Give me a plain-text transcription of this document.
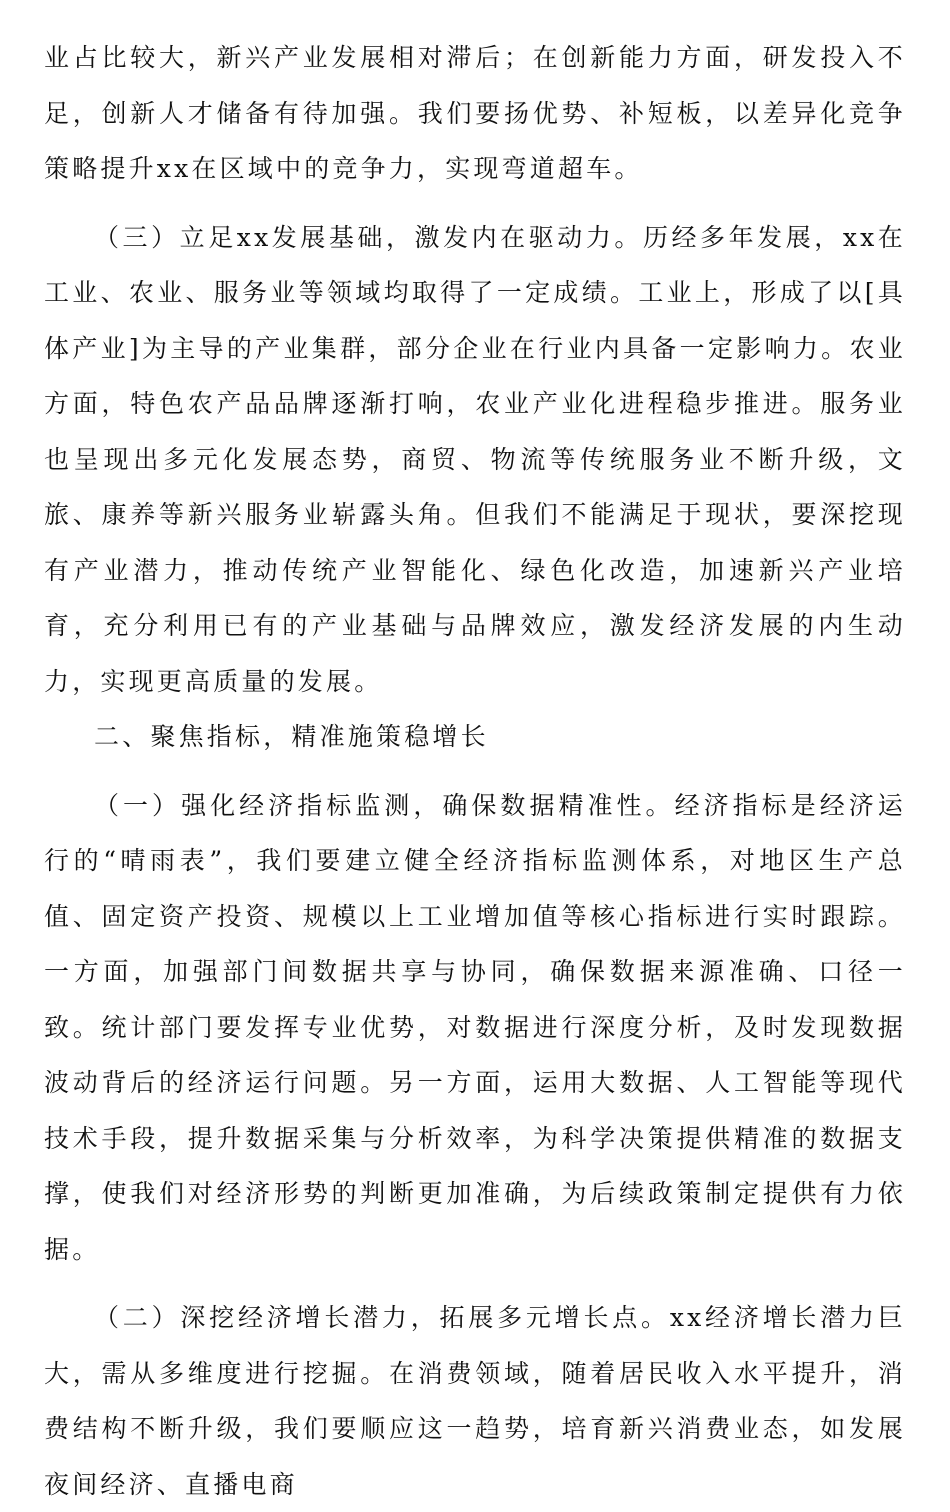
业占比较大，新兴产业发展相对滞后；在创新能力方面，研发投入不足，创新人才储备有待加强。我们要扬优势、补短板，以差异化竞争策略提升xx在区域中的竞争力，实现弯道超车。

（三）立足xx发展基础，激发内在驱动力。历经多年发展，xx在工业、农业、服务业等领域均取得了一定成绩。工业上，形成了以[具体产业]为主导的产业集群，部分企业在行业内具备一定影响力。农业方面，特色农产品品牌逐渐打响，农业产业化进程稳步推进。服务业也呈现出多元化发展态势，商贸、物流等传统服务业不断升级，文旅、康养等新兴服务业崭露头角。但我们不能满足于现状，要深挖现有产业潜力，推动传统产业智能化、绿色化改造，加速新兴产业培育，充分利用已有的产业基础与品牌效应，激发经济发展的内生动力，实现更高质量的发展。

二、聚焦指标，精准施策稳增长

（一）强化经济指标监测，确保数据精准性。经济指标是经济运行的“晴雨表”，我们要建立健全经济指标监测体系，对地区生产总值、固定资产投资、规模以上工业增加值等核心指标进行实时跟踪。一方面，加强部门间数据共享与协同，确保数据来源准确、口径一致。统计部门要发挥专业优势，对数据进行深度分析，及时发现数据波动背后的经济运行问题。另一方面，运用大数据、人工智能等现代技术手段，提升数据采集与分析效率，为科学决策提供精准的数据支撑，使我们对经济形势的判断更加准确，为后续政策制定提供有力依据。

（二）深挖经济增长潜力，拓展多元增长点。xx经济增长潜力巨大，需从多维度进行挖掘。在消费领域，随着居民收入水平提升，消费结构不断升级，我们要顺应这一趋势，培育新兴消费业态，如发展夜间经济、直播电商
